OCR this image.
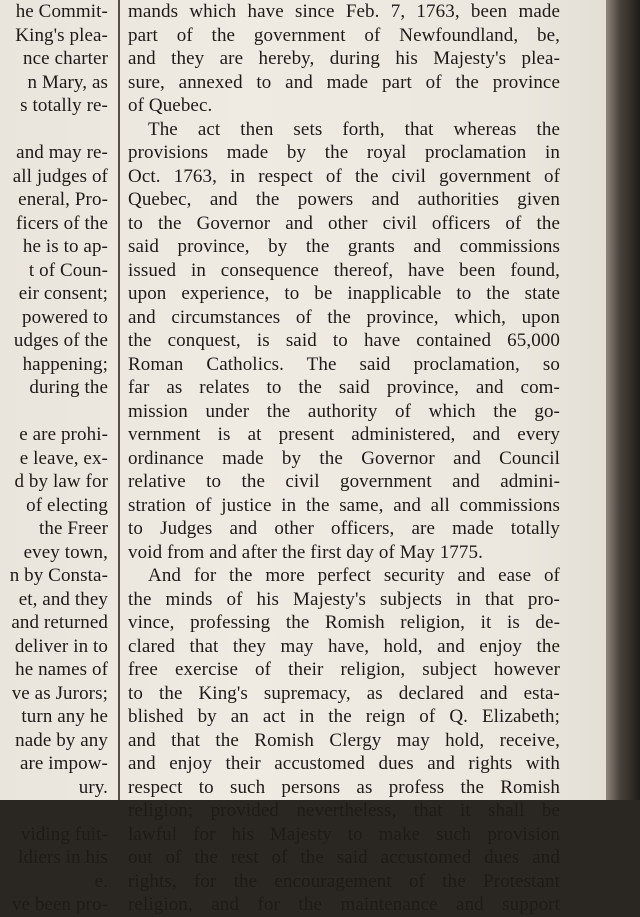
he Commit-
King's plea-
nce charter
n Mary, as
s totally re-
and may re-
all judges of
eneral, Pro-
ficers of the
he is to ap-
t of Coun-
eir consent;
powered to
udges of the
happening;
during the
e are prohi-
e leave, ex-
d by law for
of electing
the Freer
evey town,
n by Consta-
et, and they
and returned
deliver in to
he names of
ve as Jurors;
turn any he
nade by any
are impow-
ury.
viding fuit-
ldiers in his
e.
ve been pro-
mands which have since Feb. 7, 1763, been made
part of the government of Newfoundland, be,
and they are hereby, during his Majesty's plea-
sure, annexed to and made part of the province
of Quebec.
The act then sets forth, that whereas the
provisions made by the royal proclamation in
Oct. 1763, in respect of the civil government of
Quebec, and the powers and authorities given
to the Governor and other civil officers of the
said province, by the grants and commissions
issued in consequence thereof, have been found,
upon experience, to be inapplicable to the state
and circumstances of the province, which, upon
the conquest, is said to have contained 65,000
Roman Catholics. The said proclamation, so
far as relates to the said province, and com-
mission under the authority of which the go-
vernment is at present administered, and every
ordinance made by the Governor and Council
relative to the civil government and admini-
stration of justice in the same, and all commissions
to Judges and other officers, are made totally
void from and after the first day of May 1775.
And for the more perfect security and ease of
the minds of his Majesty's subjects in that pro-
vince, professing the Romish religion, it is de-
clared that they may have, hold, and enjoy the
free exercise of their religion, subject however
to the King's supremacy, as declared and esta-
blished by an act in the reign of Q. Elizabeth;
and that the Romish Clergy may hold, receive,
and enjoy their accustomed dues and rights with
respect to such persons as profess the Romish
religion; provided nevertheless, that it shall be
lawful for his Majesty to make such provision
out of the rest of the said accustomed dues and
rights, for the encouragement of the Protestant
religion, and for the maintenance and support
